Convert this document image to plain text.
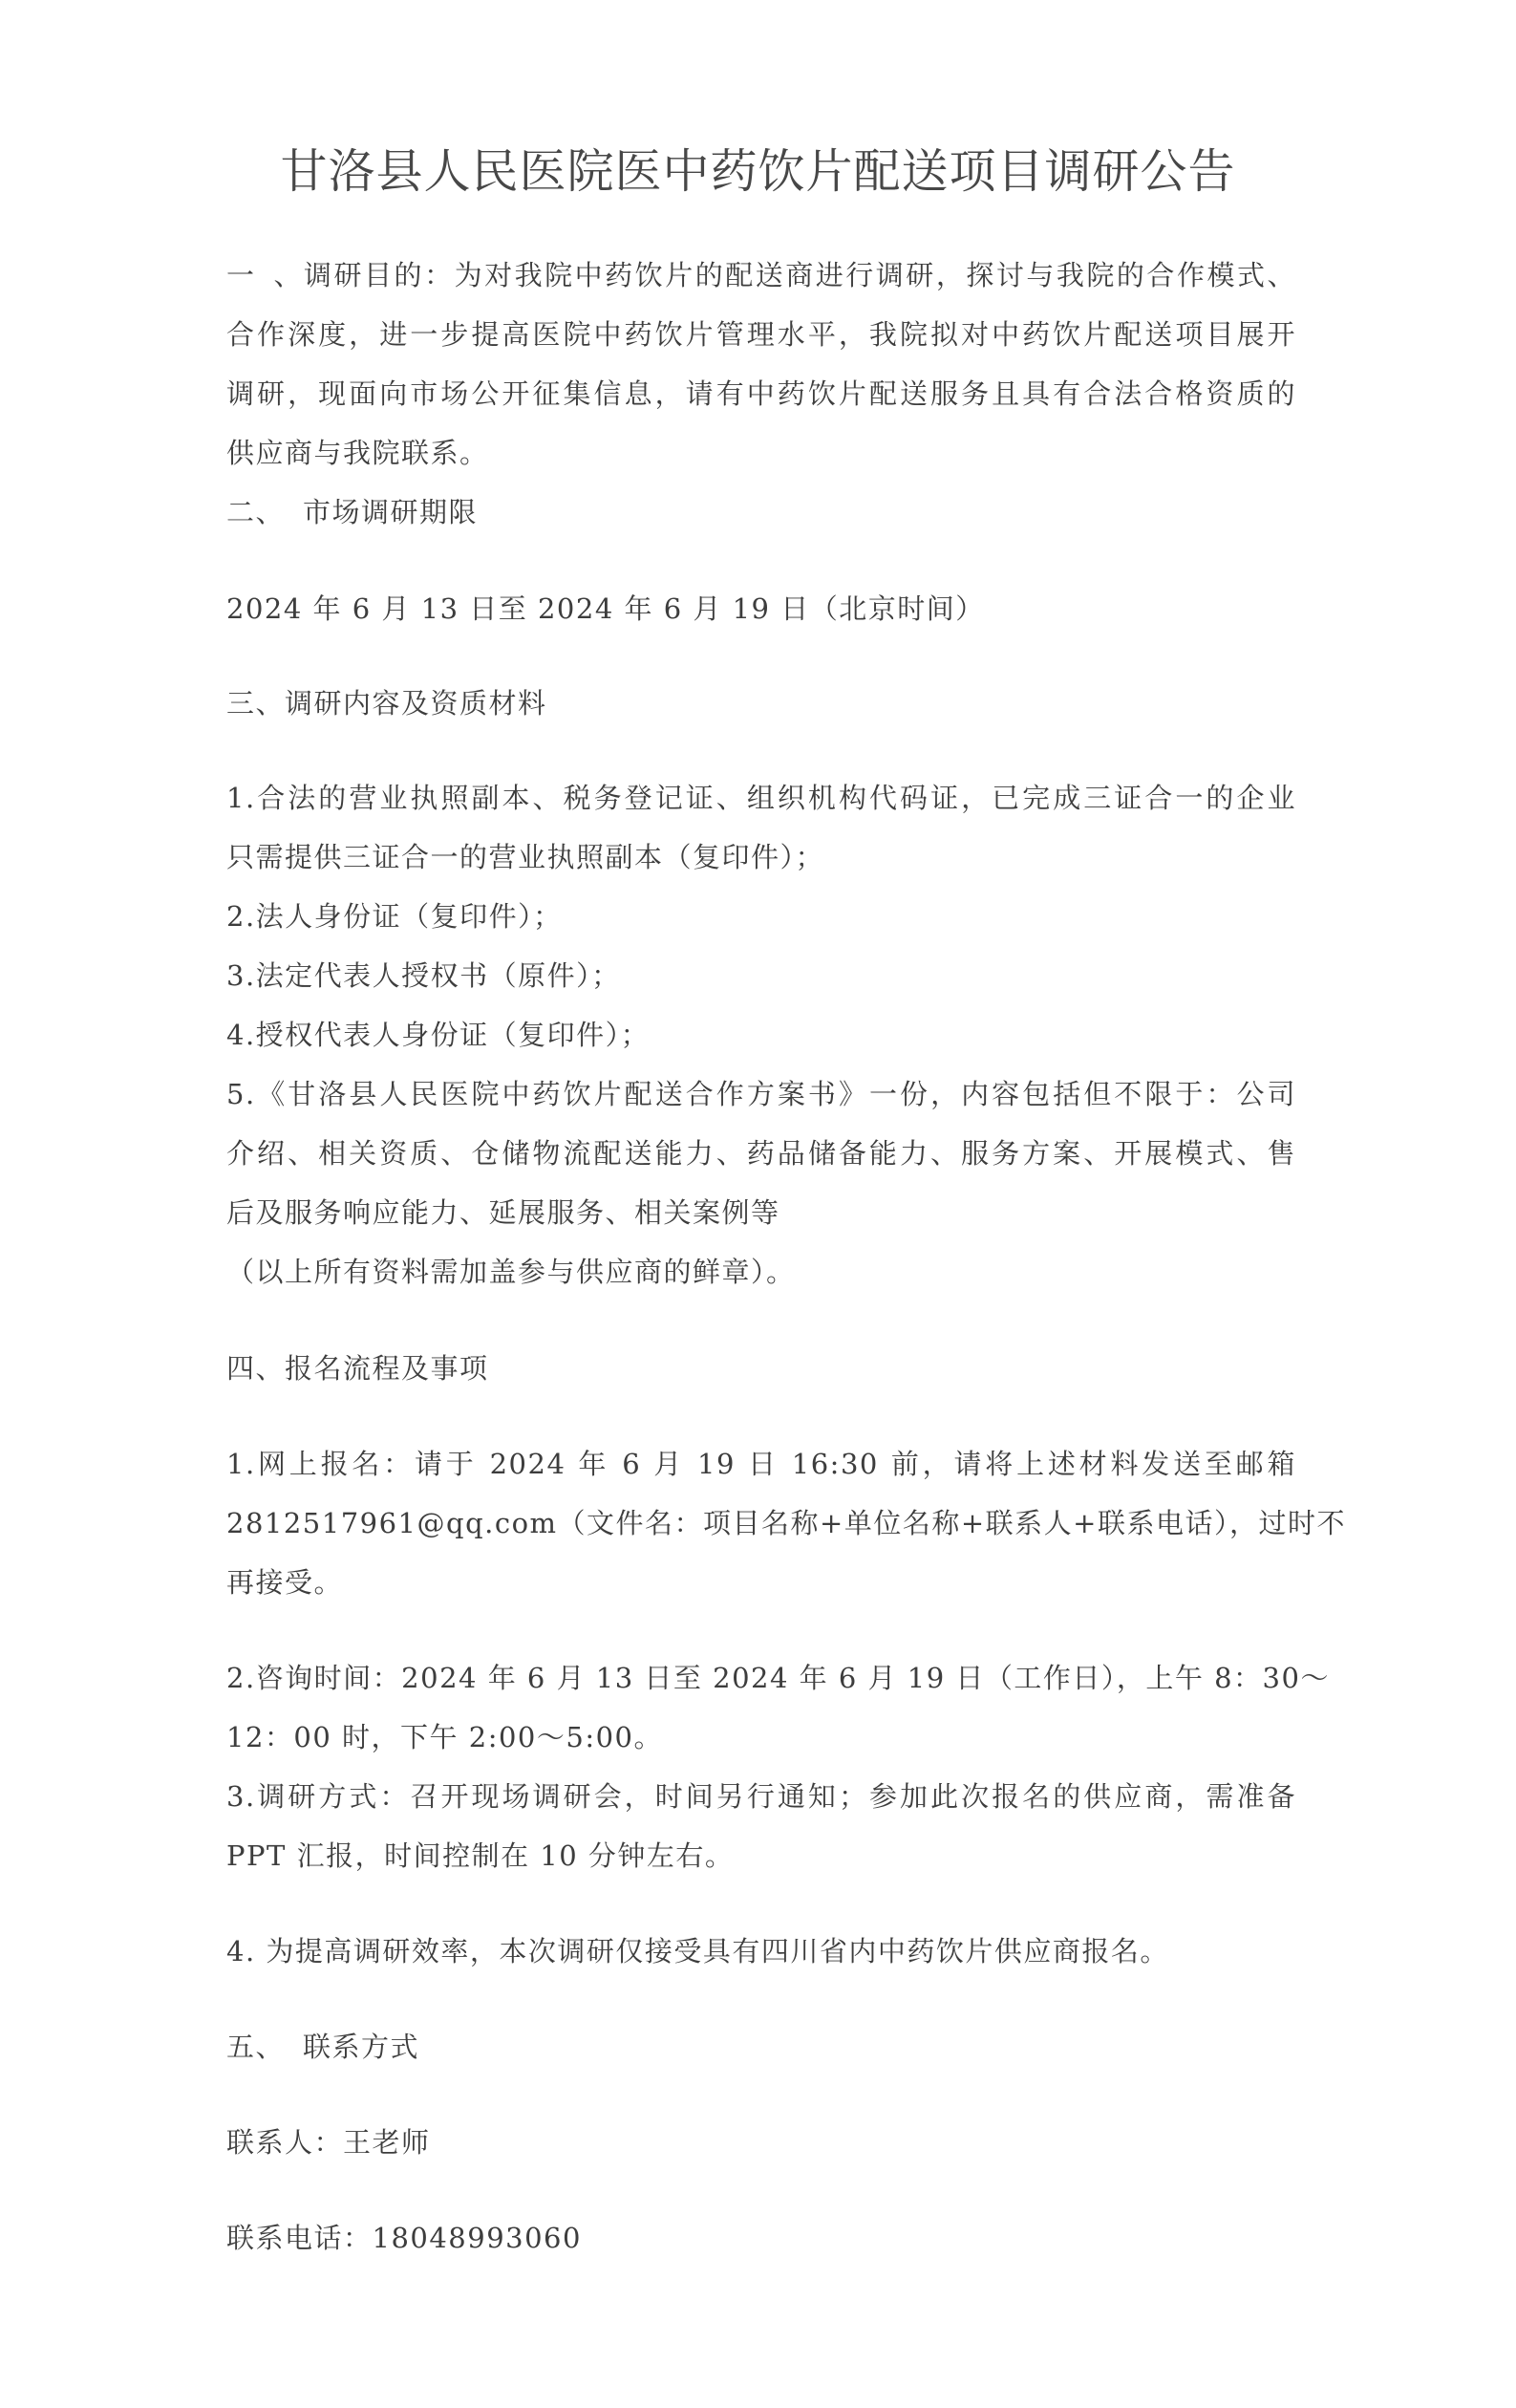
甘洛县人民医院医中药饮片配送项目调研公告
一、调研目的：为对我院中药饮片的配送商进行调研，探讨与我院的合作模式、
合作深度，进一步提高医院中药饮片管理水平，我院拟对中药饮片配送项目展开
调研，现面向市场公开征集信息，请有中药饮片配送服务且具有合法合格资质的
供应商与我院联系。
二、 市场调研期限
2024 年 6 月 13 日至 2024 年 6 月 19 日（北京时间）
三、调研内容及资质材料
1.合法的营业执照副本、税务登记证、组织机构代码证，已完成三证合一的企业
只需提供三证合一的营业执照副本（复印件）；
2.法人身份证（复印件）；
3.法定代表人授权书（原件）；
4.授权代表人身份证（复印件）；
5.《甘洛县人民医院中药饮片配送合作方案书》一份，内容包括但不限于：公司
介绍、相关资质、仓储物流配送能力、药品储备能力、服务方案、开展模式、售
后及服务响应能力、延展服务、相关案例等
（以上所有资料需加盖参与供应商的鲜章）。
四、报名流程及事项
1.网上报名：请于 2024 年 6 月 19 日 16:30 前，请将上述材料发送至邮箱
2812517961@qq.com（文件名：项目名称+单位名称+联系人+联系电话），过时不
再接受。
2.咨询时间：2024 年 6 月 13 日至 2024 年 6 月 19 日（工作日），上午 8：30～
12：00 时，下午 2:00～5:00。
3.调研方式：召开现场调研会，时间另行通知；参加此次报名的供应商，需准备
PPT 汇报，时间控制在 10 分钟左右。
4. 为提高调研效率，本次调研仅接受具有四川省内中药饮片供应商报名。
五、 联系方式
联系人：王老师
联系电话：18048993060
